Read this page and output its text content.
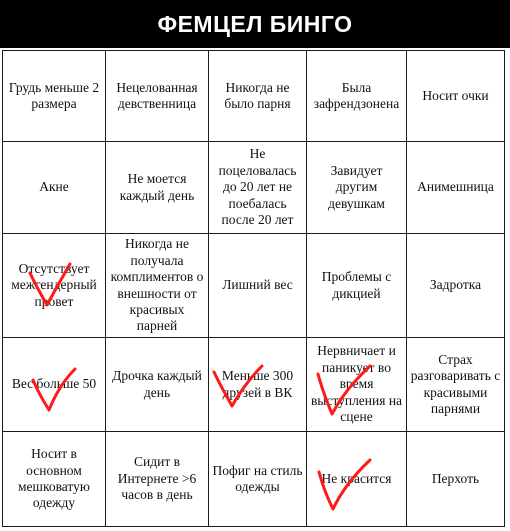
ФЕМЦЕЛ БИНГО
Грудь меньше 2 размера
Нецелованная девственница
Никогда не было парня
Была зафрендзонена
Носит очки
Акне
Не моется каждый день
Не поцеловалась до 20 лет не поебалась после 20 лет
Завидует другим девушкам
Анимешница
Отсутствует межгендерный провет
Никогда не получала комплиментов о внешности от красивых парней
Лишний вес
Проблемы с дикцией
Задротка
Вес больше 50
Дрочка каждый день
Меньше 300 друзей в ВК
Нервничает и паникует во время выступления на сцене
Страх разговаривать с красивыми парнями
Носит в основном мешковатую одежду
Сидит в Интернете >6 часов в день
Пофиг на стиль одежды
Не красится	Перхоть
